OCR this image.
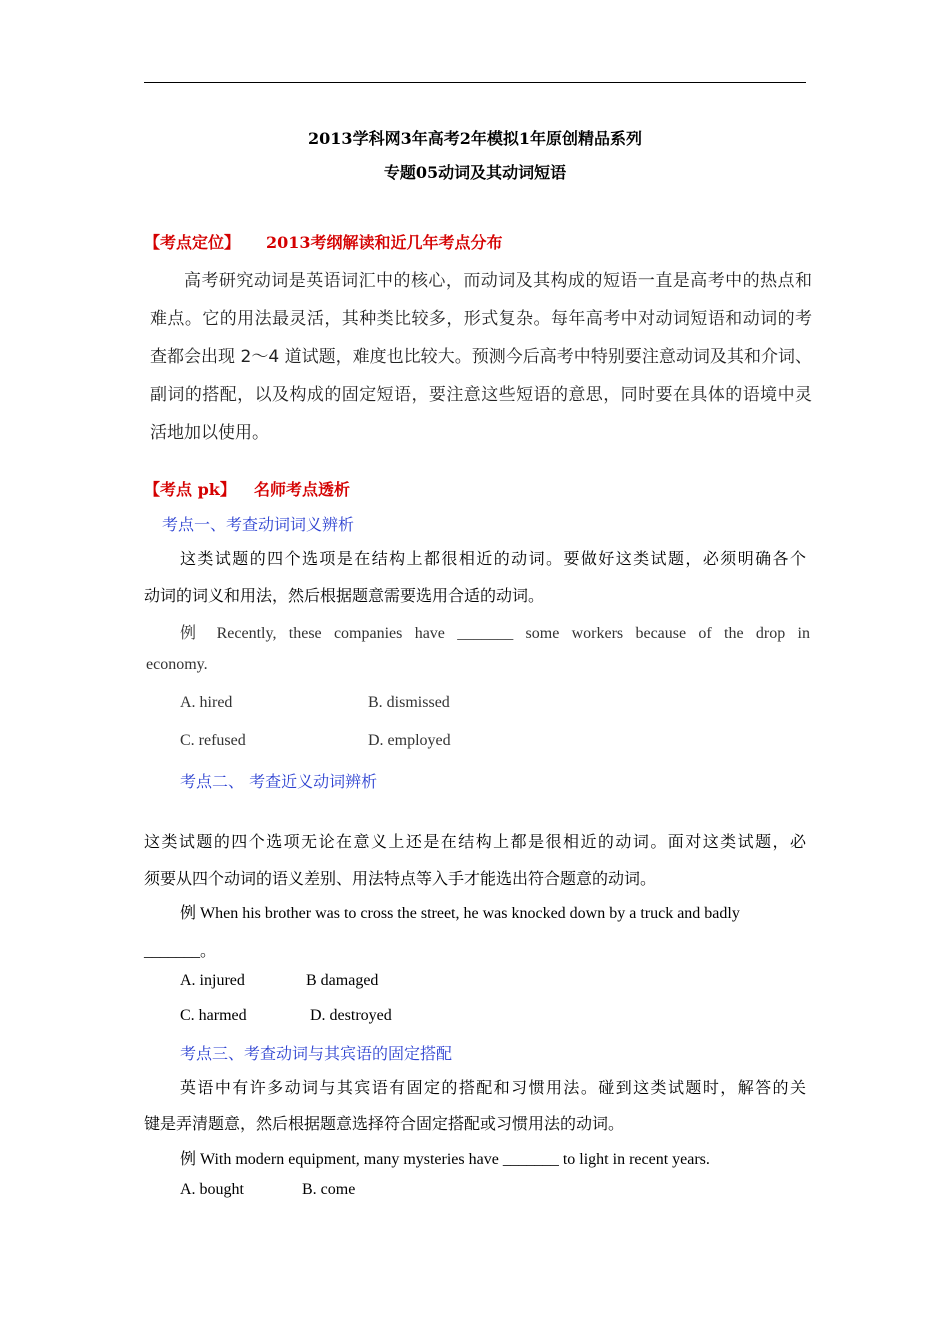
2013学科网3年高考2年模拟1年原创精品系列
专题05动词及其动词短语
【考点定位】 2013考纲解读和近几年考点分布
高考研究动词是英语词汇中的核心，而动词及其构成的短语一直是高考中的热点和
难点。它的用法最灵活，其种类比较多，形式复杂。每年高考中对动词短语和动词的考
查都会出现 2～4 道试题，难度也比较大。预测今后高考中特别要注意动词及其和介词、
副词的搭配，以及构成的固定短语，要注意这些短语的意思，同时要在具体的语境中灵
活地加以使用。
【考点 pk】 名师考点透析
考点一、考查动词词义辨析
这类试题的四个选项是在结构上都很相近的动词。要做好这类试题，必须明确各个
动词的词义和用法，然后根据题意需要选用合适的动词。
例 Recently, these companies have _______ some workers because of the drop in
economy.
A. hired	B. dismissed
C. refused	D. employed
考点二、 考查近义动词辨析
这类试题的四个选项无论在意义上还是在结构上都是很相近的动词。面对这类试题，必
须要从四个动词的语义差别、用法特点等入手才能选出符合题意的动词。
例 When his brother was to cross the street, he was knocked down by a truck and badly
_______。
A. injured	B damaged
C. harmed	D. destroyed
考点三、考查动词与其宾语的固定搭配
英语中有许多动词与其宾语有固定的搭配和习惯用法。碰到这类试题时，解答的关
键是弄清题意，然后根据题意选择符合固定搭配或习惯用法的动词。
例 With modern equipment, many mysteries have _______ to light in recent years.
A. bought	B. come
